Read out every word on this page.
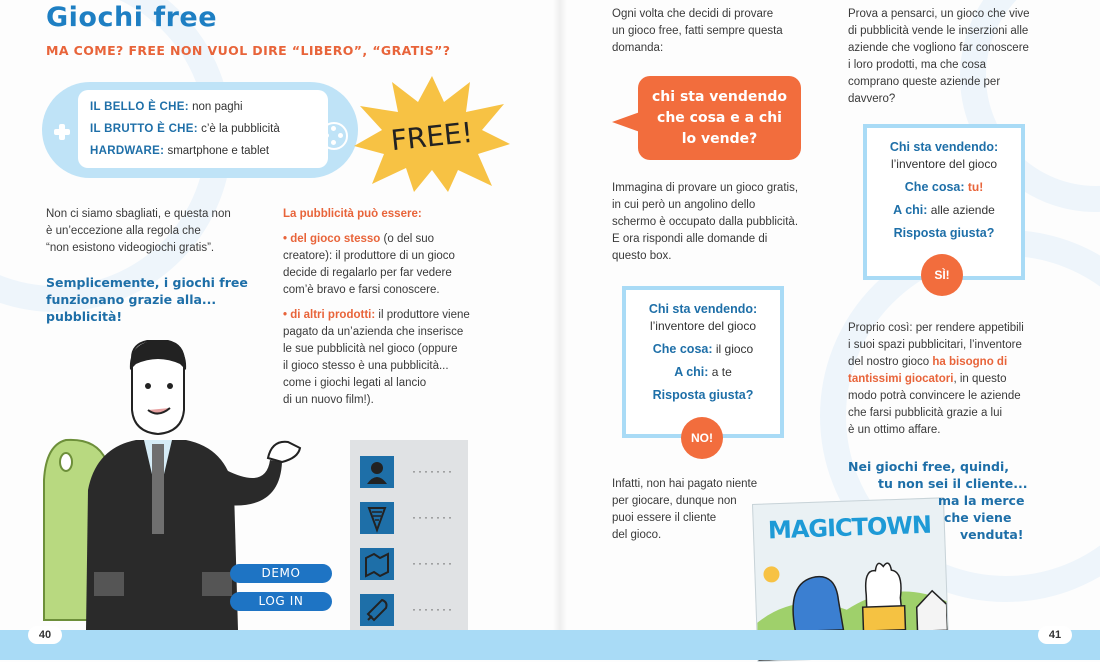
Giochi free
MA COME? FREE NON VUOL DIRE “LIBERO”, “GRATIS”?
IL BELLO È CHE: non paghi
IL BRUTTO È CHE: c’è la pubblicità
HARDWARE: smartphone e tablet	FREE!
Non ci siamo sbagliati, e questa non
è un’eccezione alla regola che
“non esistono videogiochi gratis”.
Semplicemente, i giochi free
funzionano grazie alla...
pubblicità!
La pubblicità può essere:
• del gioco stesso (o del suo
creatore): il produttore di un gioco
decide di regalarlo per far vedere
com’è bravo e farsi conoscere.
• di altri prodotti: il produttore viene
pagato da un’azienda che inserisce
le sue pubblicità nel gioco (oppure
il gioco stesso è una pubblicità...
come i giochi legati al lancio
di un nuovo film!).
DEMO
LOG IN
·······
·······
·······
·······
Ogni volta che decidi di provare
un gioco free, fatti sempre questa
domanda:
chi sta vendendo
che cosa e a chi
lo vende?
Immagina di provare un gioco gratis,
in cui però un angolino dello
schermo è occupato dalla pubblicità.
E ora rispondi alle domande di
questo box.
Chi sta vendendo:
l’inventore del gioco
Che cosa: il gioco
A chi: a te
Risposta giusta?
NO!
Infatti, non hai pagato niente
per giocare, dunque non
puoi essere il cliente
del gioco.	MAGICTOWN
Prova a pensarci, un gioco che vive
di pubblicità vende le inserzioni alle
aziende che vogliono far conoscere
i loro prodotti, ma che cosa
comprano queste aziende per
davvero?
Chi sta vendendo:
l’inventore del gioco
Che cosa: tu!
A chi: alle aziende
Risposta giusta?
SÌ!
Proprio così: per rendere appetibili
i suoi spazi pubblicitari, l’inventore
del nostro gioco ha bisogno di
tantissimi giocatori, in questo
modo potrà convincere le aziende
che farsi pubblicità grazie a lui
è un ottimo affare.
Nei giochi free, quindi,
tu non sei il cliente...
ma la merce
che viene
venduta!
40	41
